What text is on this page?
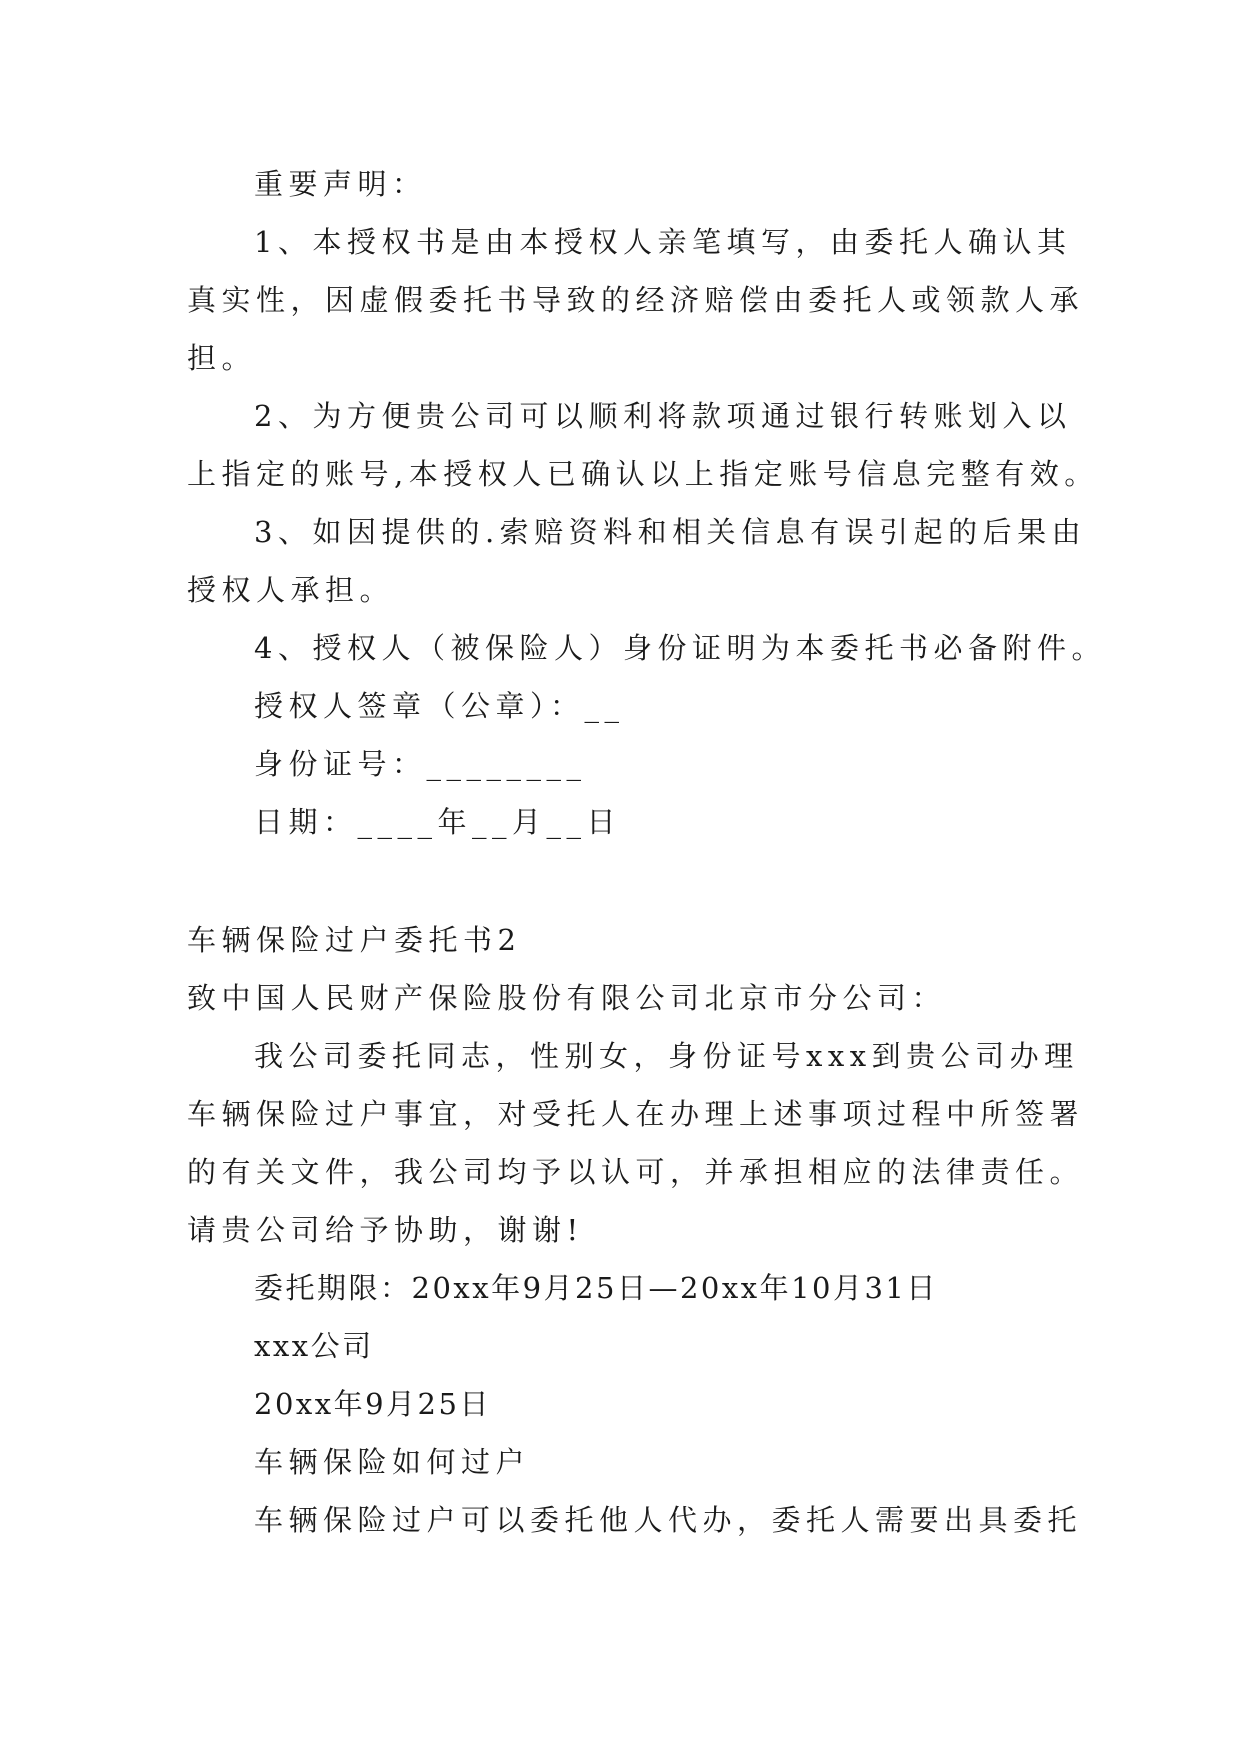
重要声明：
1、本授权书是由本授权人亲笔填写，由委托人确认其
真实性，因虚假委托书导致的经济赔偿由委托人或领款人承
担。
2、为方便贵公司可以顺利将款项通过银行转账划入以
上指定的账号,本授权人已确认以上指定账号信息完整有效。
3、如因提供的.索赔资料和相关信息有误引起的后果由
授权人承担。
4、授权人（被保险人）身份证明为本委托书必备附件。
授权人签章（公章）：__
身份证号：________
日期：____年__月__日
车辆保险过户委托书2
致中国人民财产保险股份有限公司北京市分公司：
我公司委托同志，性别女，身份证号xxx到贵公司办理
车辆保险过户事宜，对受托人在办理上述事项过程中所签署
的有关文件，我公司均予以认可，并承担相应的法律责任。
请贵公司给予协助，谢谢!
委托期限：20xx年9月25日—20xx年10月31日
xxx公司
20xx年9月25日
车辆保险如何过户
车辆保险过户可以委托他人代办，委托人需要出具委托
